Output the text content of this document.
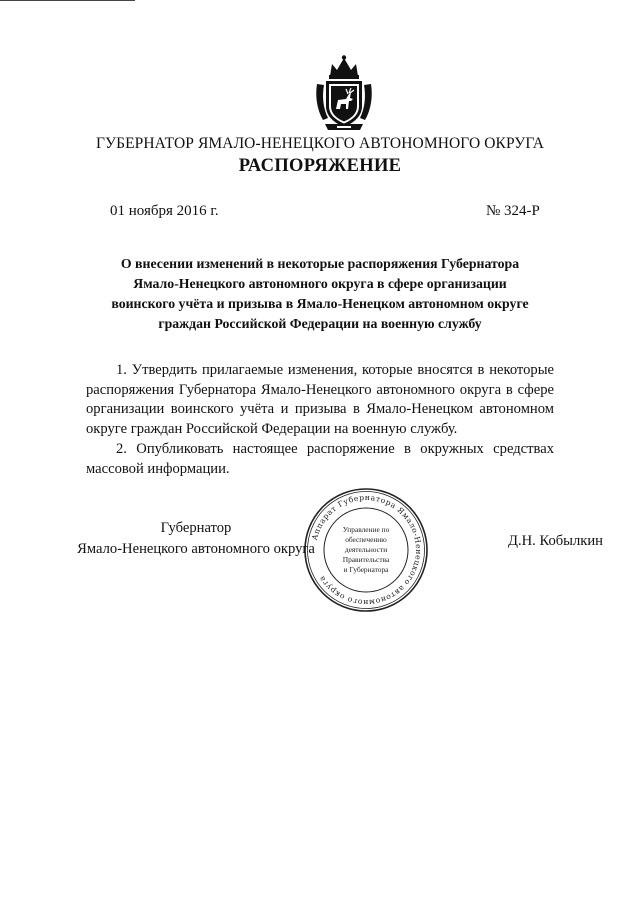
ГУБЕРНАТОР ЯМАЛО-НЕНЕЦКОГО АВТОНОМНОГО ОКРУГА
РАСПОРЯЖЕНИЕ
01 ноября 2016 г.	№ 324-Р
О внесении изменений в некоторые распоряжения Губернатора Ямало-Ненецкого автономного округа в сфере организации воинского учёта и призыва в Ямало-Ненецком автономном округе граждан Российской Федерации на военную службу

1. Утвердить прилагаемые изменения, которые вносятся в некоторые распоряжения Губернатора Ямало-Ненецкого автономного округа в сфере организации воинского учёта и призыва в Ямало-Ненецком автономном округе граждан Российской Федерации на военную службу.

2. Опубликовать настоящее распоряжение в окружных средствах массовой информации.

Губернатор
Ямало-Ненецкого автономного округа
Аппарат Губернатора Ямало-Ненецкого автономного округа
Управление по
обеспечению
деятельности
Правительства
и Губернатора
Д.Н. Кобылкин
